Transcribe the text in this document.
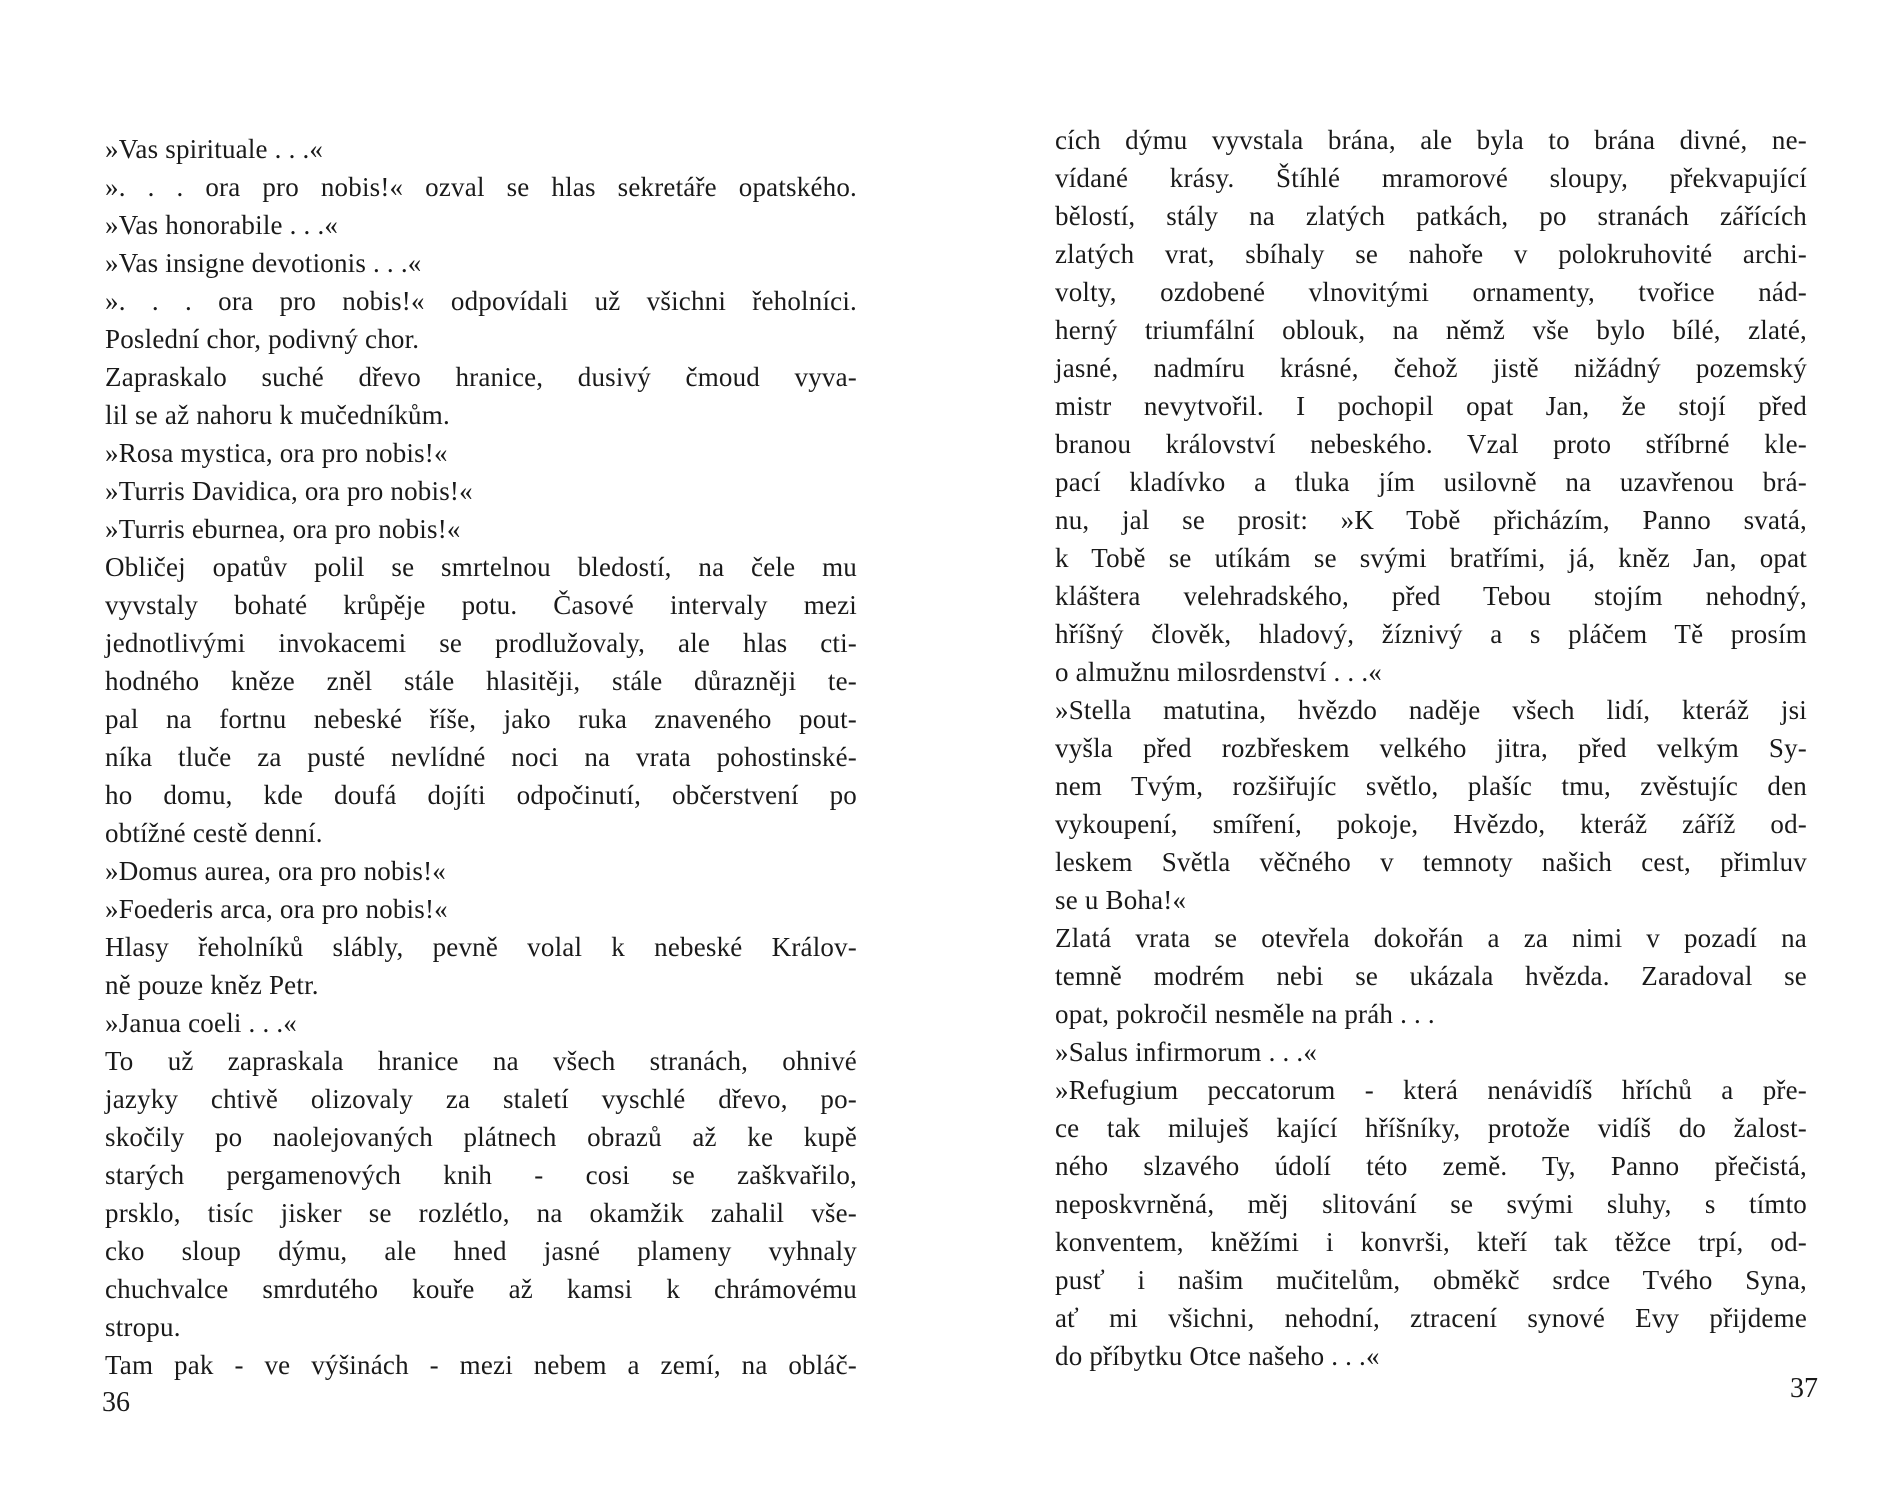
»Vas spirituale . . .«
». . . ora pro nobis!« ozval se hlas sekretáře opatského.
»Vas honorabile . . .«
»Vas insigne devotionis . . .«
». . . ora pro nobis!« odpovídali už všichni řeholníci.
Poslední chor, podivný chor.
Zapraskalo suché dřevo hranice, dusivý čmoud vyva-
lil se až nahoru k mučedníkům.
»Rosa mystica, ora pro nobis!«
»Turris Davidica, ora pro nobis!«
»Turris eburnea, ora pro nobis!«
Obličej opatův polil se smrtelnou bledostí, na čele mu
vyvstaly bohaté krůpěje potu. Časové intervaly mezi
jednotlivými invokacemi se prodlužovaly, ale hlas cti-
hodného kněze zněl stále hlasitěji, stále důrazněji te-
pal na fortnu nebeské říše, jako ruka znaveného pout-
níka tluče za pusté nevlídné noci na vrata pohostinské-
ho domu, kde doufá dojíti odpočinutí, občerstvení po
obtížné cestě denní.
»Domus aurea, ora pro nobis!«
»Foederis arca, ora pro nobis!«
Hlasy řeholníků slábly, pevně volal k nebeské Králov-
ně pouze kněz Petr.
»Janua coeli . . .«
To už zapraskala hranice na všech stranách, ohnivé
jazyky chtivě olizovaly za staletí vyschlé dřevo, po-
skočily po naolejovaných plátnech obrazů až ke kupě
starých pergamenových knih - cosi se zaškvařilo,
prsklo, tisíc jisker se rozlétlo, na okamžik zahalil vše-
cko sloup dýmu, ale hned jasné plameny vyhnaly
chuchvalce smrdutého kouře až kamsi k chrámovému
stropu.
Tam pak - ve výšinách - mezi nebem a zemí, na obláč-
36
cích dýmu vyvstala brána, ale byla to brána divné, ne-
vídané krásy. Štíhlé mramorové sloupy, překvapující
bělostí, stály na zlatých patkách, po stranách zářících
zlatých vrat, sbíhaly se nahoře v polokruhovité archi-
volty, ozdobené vlnovitými ornamenty, tvořice nád-
herný triumfální oblouk, na němž vše bylo bílé, zlaté,
jasné, nadmíru krásné, čehož jistě nižádný pozemský
mistr nevytvořil. I pochopil opat Jan, že stojí před
branou království nebeského. Vzal proto stříbrné kle-
pací kladívko a tluka jím usilovně na uzavřenou brá-
nu, jal se prosit: »K Tobě přicházím, Panno svatá,
k Tobě se utíkám se svými bratřími, já, kněz Jan, opat
kláštera velehradského, před Tebou stojím nehodný,
hříšný člověk, hladový, žíznivý a s pláčem Tě prosím
o almužnu milosrdenství . . .«
»Stella matutina, hvězdo naděje všech lidí, kteráž jsi
vyšla před rozbřeskem velkého jitra, před velkým Sy-
nem Tvým, rozšiřujíc světlo, plašíc tmu, zvěstujíc den
vykoupení, smíření, pokoje, Hvězdo, kteráž záříž od-
leskem Světla věčného v temnoty našich cest, přimluv
se u Boha!«
Zlatá vrata se otevřela dokořán a za nimi v pozadí na
temně modrém nebi se ukázala hvězda. Zaradoval se
opat, pokročil nesměle na práh . . .
»Salus infirmorum . . .«
»Refugium peccatorum - která nenávidíš hříchů a pře-
ce tak miluješ kající hříšníky, protože vidíš do žalost-
ného slzavého údolí této země. Ty, Panno přečistá,
neposkvrněná, měj slitování se svými sluhy, s tímto
konventem, kněžími i konvrši, kteří tak těžce trpí, od-
pusť i našim mučitelům, obměkč srdce Tvého Syna,
ať mi všichni, nehodní, ztracení synové Evy přijdeme
do příbytku Otce našeho . . .«
37
